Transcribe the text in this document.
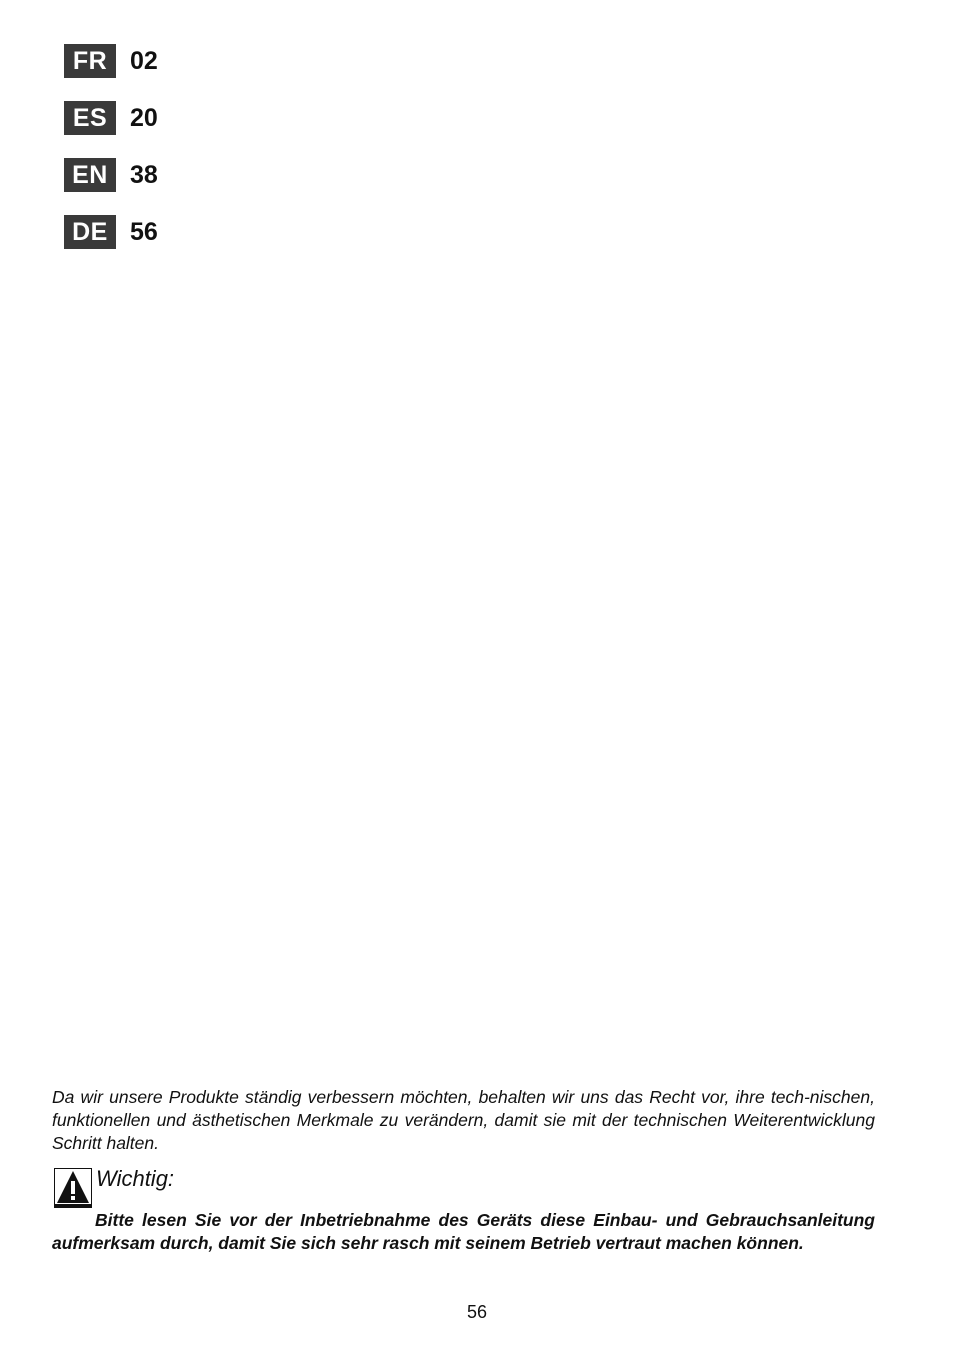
FR 02
ES 20
EN 38
DE 56

Da wir unsere Produkte ständig verbessern möchten, behalten wir uns das Recht vor, ihre tech-nischen, funktionellen und ästhetischen Merkmale zu verändern, damit sie mit der technischen Weiterentwicklung Schritt halten.

Wichtig:

Bitte lesen Sie vor der Inbetriebnahme des Geräts diese Einbau- und Gebrauchsanleitung aufmerksam durch, damit Sie sich sehr rasch mit seinem Betrieb vertraut machen können.

56
